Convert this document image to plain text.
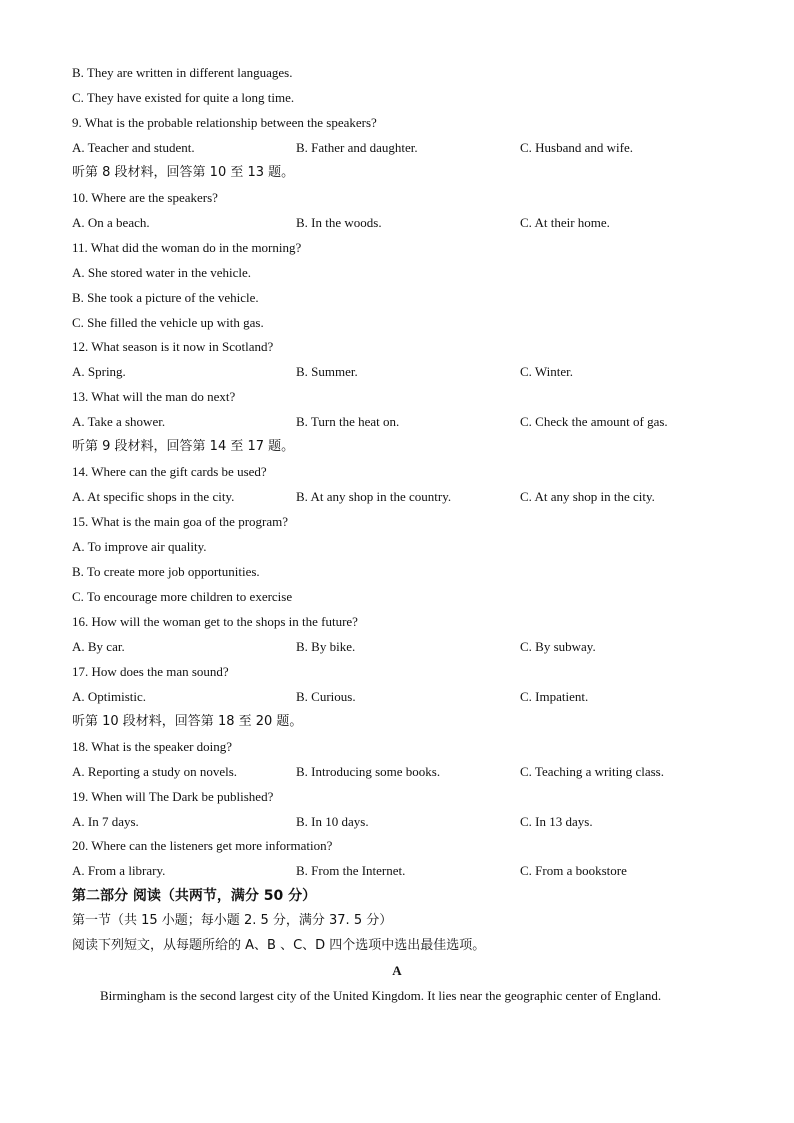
B. They are written in different languages.
C. They have existed for quite a long time.
9. What is the probable relationship between the speakers?
A. Teacher and student.	B. Father and daughter.	C. Husband and wife.
听第 8 段材料，回答第 10 至 13 题。
10. Where are the speakers?
A. On a beach.	B. In the woods.	C. At their home.
11. What did the woman do in the morning?
A. She stored water in the vehicle.
B. She took a picture of the vehicle.
C. She filled the vehicle up with gas.
12. What season is it now in Scotland?
A. Spring.	B. Summer.	C. Winter.
13. What will the man do next?
A. Take a shower.	B. Turn the heat on.	C. Check the amount of gas.
听第 9 段材料，回答第 14 至 17 题。
14. Where can the gift cards be used?
A. At specific shops in the city.	B. At any shop in the country.	C. At any shop in the city.
15. What is the main goa of the program?
A. To improve air quality.
B. To create more job opportunities.
C. To encourage more children to exercise
16. How will the woman get to the shops in the future?
A. By car.	B. By bike.	C. By subway.
17. How does the man sound?
A. Optimistic.	B. Curious.	C. Impatient.
听第 10 段材料，回答第 18 至 20 题。
18. What is the speaker doing?
A. Reporting a study on novels.	B. Introducing some books.	C. Teaching a writing class.
19. When will The Dark be published?
A. In 7 days.	B. In 10 days.	C. In 13 days.
20. Where can the listeners get more information?
A. From a library.	B. From the Internet.	C. From a bookstore
第二部分 阅读（共两节，满分 50 分）
第一节（共 15 小题；每小题 2. 5 分，满分 37. 5 分）
阅读下列短文，从每题所给的 A、B 、C、D 四个选项中选出最佳选项。
A
Birmingham is the second largest city of the United Kingdom. It lies near the geographic center of England.
